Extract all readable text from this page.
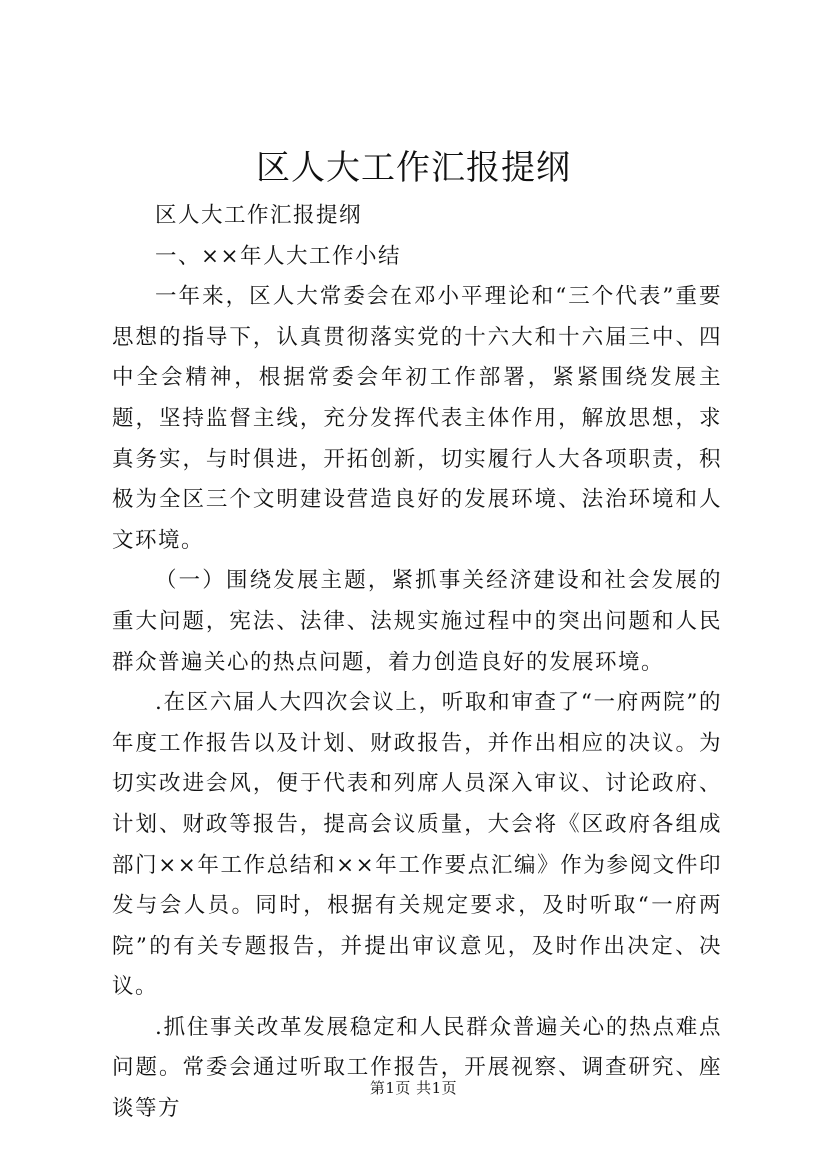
区人大工作汇报提纲

区人大工作汇报提纲

一、××年人大工作小结

一年来，区人大常委会在邓小平理论和“三个代表”重要思想的指导下，认真贯彻落实党的十六大和十六届三中、四中全会精神，根据常委会年初工作部署，紧紧围绕发展主题，坚持监督主线，充分发挥代表主体作用，解放思想，求真务实，与时俱进，开拓创新，切实履行人大各项职责，积极为全区三个文明建设营造良好的发展环境、法治环境和人文环境。

（一）围绕发展主题，紧抓事关经济建设和社会发展的重大问题，宪法、法律、法规实施过程中的突出问题和人民群众普遍关心的热点问题，着力创造良好的发展环境。

.在区六届人大四次会议上，听取和审查了“一府两院”的年度工作报告以及计划、财政报告，并作出相应的决议。为切实改进会风，便于代表和列席人员深入审议、讨论政府、计划、财政等报告，提高会议质量，大会将《区政府各组成部门××年工作总结和××年工作要点汇编》作为参阅文件印发与会人员。同时，根据有关规定要求，及时听取“一府两院”的有关专题报告，并提出审议意见，及时作出决定、决议。

.抓住事关改革发展稳定和人民群众普遍关心的热点难点问题。常委会通过听取工作报告，开展视察、调查研究、座谈等方

第1页 共1页
